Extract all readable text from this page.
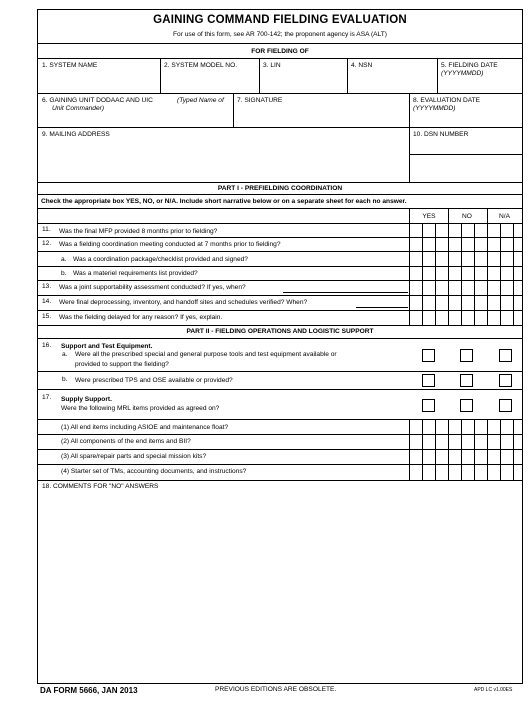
GAINING COMMAND FIELDING EVALUATION
For use of this form, see AR 700-142; the proponent agency is ASA (ALT)
FOR FIELDING OF
1. SYSTEM NAME	2. SYSTEM MODEL NO.	3. LIN	4. NSN	5. FIELDING DATE
(YYYYMMDD)
6. GAINING UNIT DODAAC AND UIC	(Typed Name of
Unit Commander)
7. SIGNATURE	8. EVALUATION DATE
(YYYYMMDD)
9. MAILING ADDRESS	10. DSN NUMBER
PART I - PREFIELDING COORDINATION
Check the appropriate box YES, NO, or N/A. Include short narrative below or on a separate sheet for each no answer.
YES	NO	N/A
11. Was the final MFP provided 8 months prior to fielding?
12. Was a fielding coordination meeting conducted at 7 months prior to fielding?
a. Was a coordination package/checklist provided and signed?
b. Was a materiel requirements list provided?
13. Was a joint supportability assessment conducted? If yes, when?
14. Were final deprocessing, inventory, and handoff sites and schedules verified? When?
15. Was the fielding delayed for any reason? If yes, explain.
PART II - FIELDING OPERATIONS AND LOGISTIC SUPPORT
16. Support and Test Equipment.
a. Were all the prescribed special and general purpose tools and test equipment available or
provided to support the fielding?
b. Were prescribed TPS and OSE available or provided?
17. Supply Support.
Were the following MRL items provided as agreed on?
(1) All end items including ASIOE and maintenance float?
(2) All components of the end items and BII?
(3) All spare/repair parts and special mission kits?
(4) Starter set of TMs, accounting documents, and instructions?
18. COMMENTS FOR "NO" ANSWERS
DA FORM 5666, JAN 2013	PREVIOUS EDITIONS ARE OBSOLETE.	APD LC v1.00ES
